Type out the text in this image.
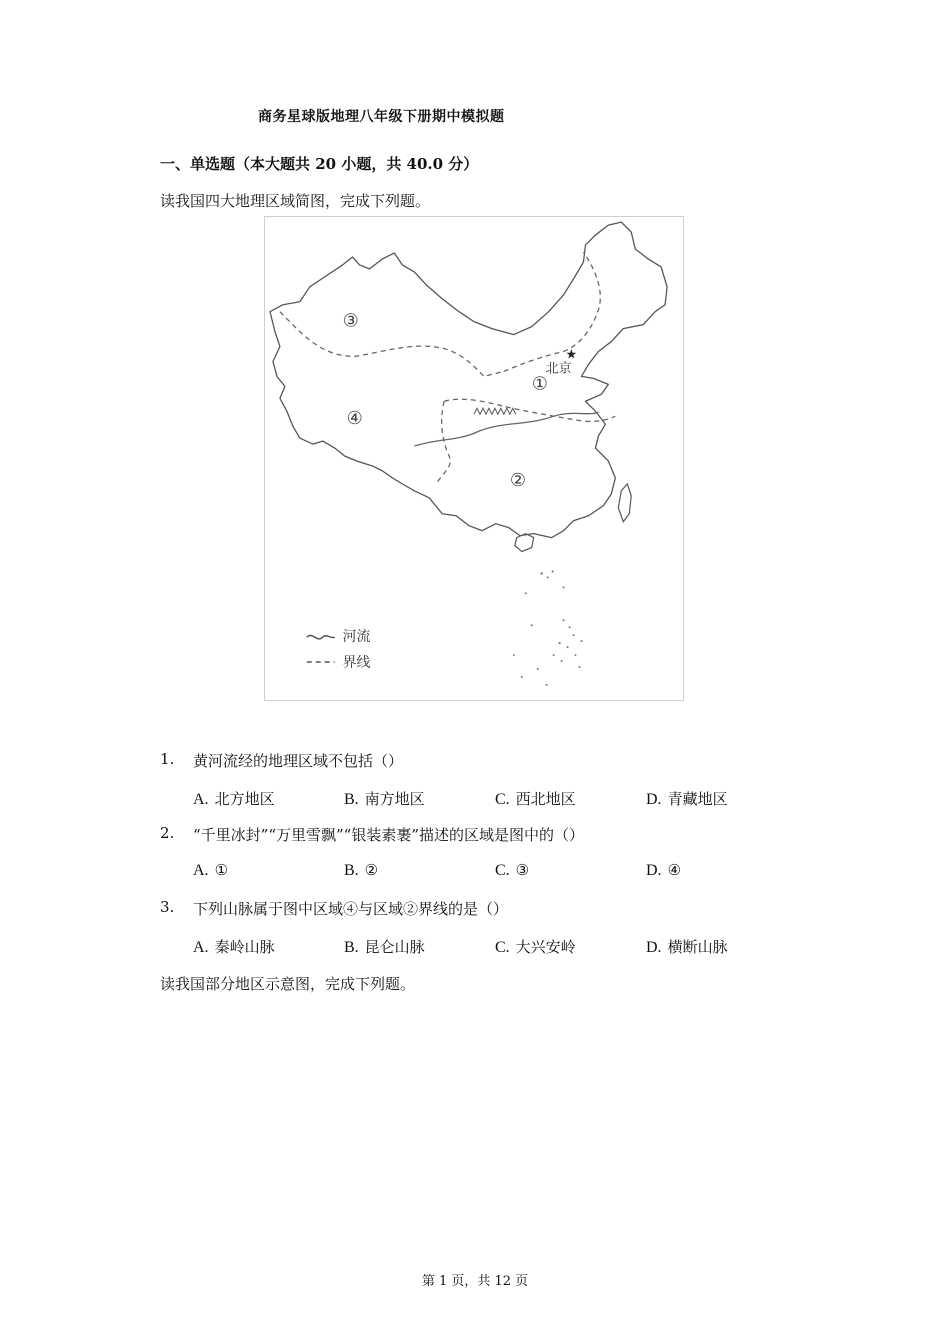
商务星球版地理八年级下册期中模拟题
一、单选题（本大题共 20 小题，共 40.0 分）
读我国四大地理区域简图，完成下列题。
①
②
③
④
★
北京
河流
界线
1.	黄河流经的地理区域不包括（）
A. 北方地区	B. 南方地区	C. 西北地区	D. 青藏地区
2.	“千里冰封”“万里雪飘”“银装素裹”描述的区域是图中的（）
A. ①	B. ②	C. ③	D. ④
3.	下列山脉属于图中区域④与区域②界线的是（）
A. 秦岭山脉	B. 昆仑山脉	C. 大兴安岭	D. 横断山脉
读我国部分地区示意图，完成下列题。
第 1 页，共 12 页
